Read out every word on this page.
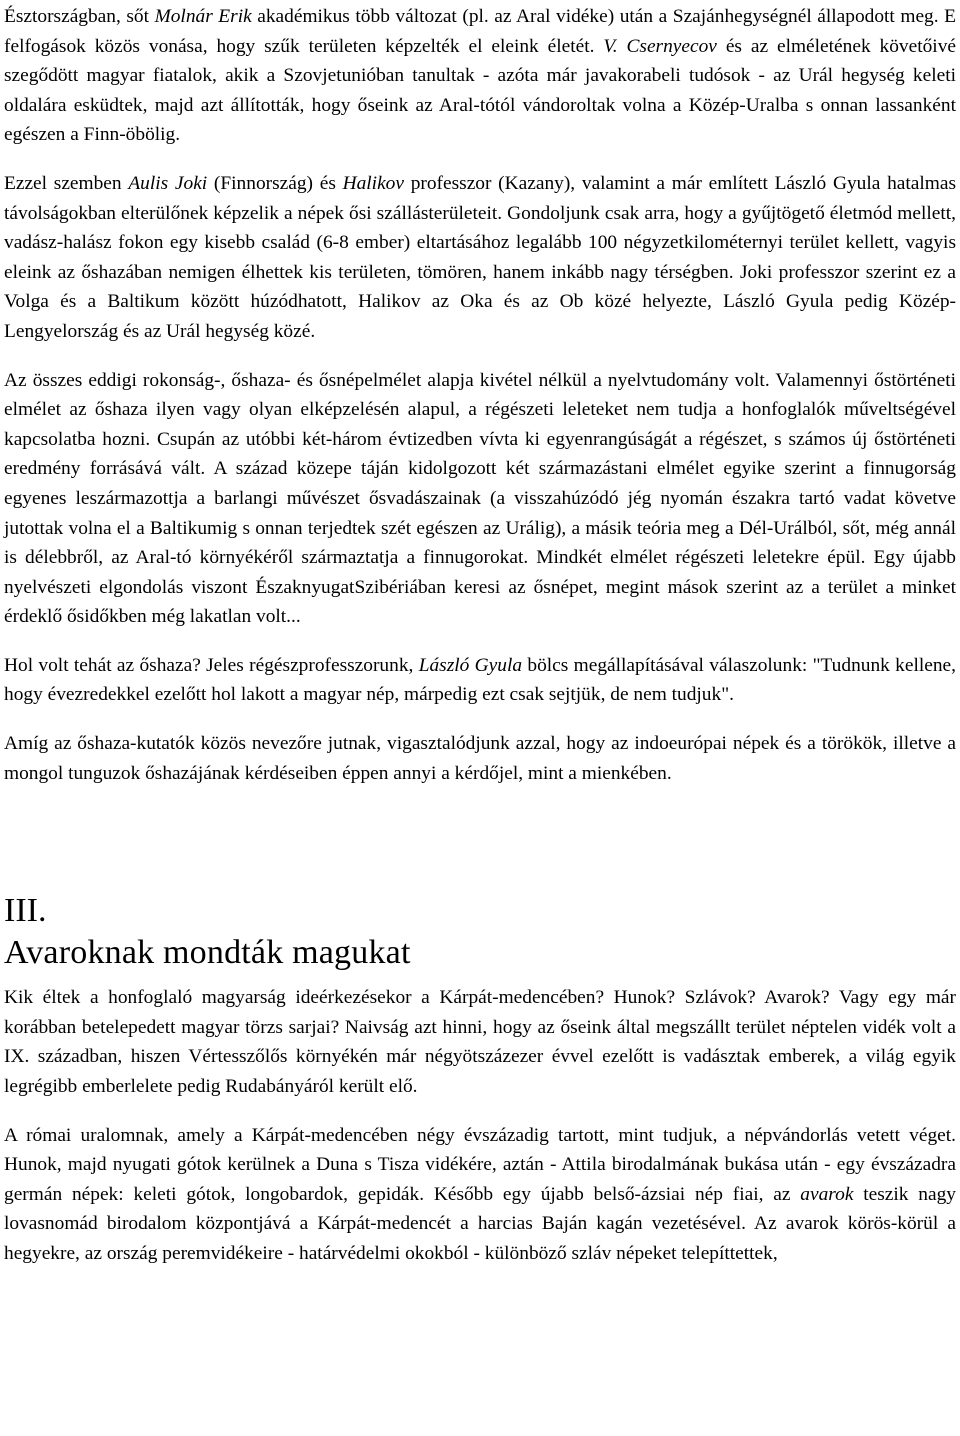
Észtországban, sőt Molnár Erik akadémikus több változat (pl. az Aral vidéke) után a Szajánhegységnél állapodott meg. E felfogások közös vonása, hogy szűk területen képzelték el eleink életét. V. Csernyecov és az elméletének követőivé szegődött magyar fiatalok, akik a Szovjetunióban tanultak - azóta már javakorabeli tudósok - az Urál hegység keleti oldalára esküdtek, majd azt állították, hogy őseink az Aral-tótól vándoroltak volna a Közép-Uralba s onnan lassanként egészen a Finn-öbölig.

Ezzel szemben Aulis Joki (Finnország) és Halikov professzor (Kazany), valamint a már említett László Gyula hatalmas távolságokban elterülőnek képzelik a népek ősi szállásterületeit. Gondoljunk csak arra, hogy a gyűjtögető életmód mellett, vadász-halász fokon egy kisebb család (6-8 ember) eltartásához legalább 100 négyzetkilométernyi terület kellett, vagyis eleink az őshazában nemigen élhettek kis területen, tömören, hanem inkább nagy térségben. Joki professzor szerint ez a Volga és a Baltikum között húzódhatott, Halikov az Oka és az Ob közé helyezte, László Gyula pedig Közép-Lengyelország és az Urál hegység közé.

Az összes eddigi rokonság-, őshaza- és ősnépelmélet alapja kivétel nélkül a nyelvtudomány volt. Valamennyi őstörténeti elmélet az őshaza ilyen vagy olyan elképzelésén alapul, a régészeti leleteket nem tudja a honfoglalók műveltségével kapcsolatba hozni. Csupán az utóbbi két-három évtizedben vívta ki egyenrangúságát a régészet, s számos új őstörténeti eredmény forrásává vált. A század közepe táján kidolgozott két származástani elmélet egyike szerint a finnugorság egyenes leszármazottja a barlangi művészet ősvadászainak (a visszahúzódó jég nyomán északra tartó vadat követve jutottak volna el a Baltikumig s onnan terjedtek szét egészen az Urálig), a másik teória meg a Dél-Urálból, sőt, még annál is délebbről, az Aral-tó környékéről származtatja a finnugorokat. Mindkét elmélet régészeti leletekre épül. Egy újabb nyelvészeti elgondolás viszont ÉszaknyugatSzibériában keresi az ősnépet, megint mások szerint az a terület a minket érdeklő ősidőkben még lakatlan volt...

Hol volt tehát az őshaza? Jeles régészprofesszorunk, László Gyula bölcs megállapításával válaszolunk: "Tudnunk kellene, hogy évezredekkel ezelőtt hol lakott a magyar nép, márpedig ezt csak sejtjük, de nem tudjuk".

Amíg az őshaza-kutatók közös nevezőre jutnak, vigasztalódjunk azzal, hogy az indoeurópai népek és a törökök, illetve a mongol tunguzok őshazájának kérdéseiben éppen annyi a kérdőjel, mint a mienkében.

III.
Avaroknak mondták magukat

Kik éltek a honfoglaló magyarság ideérkezésekor a Kárpát-medencében? Hunok? Szlávok? Avarok? Vagy egy már korábban betelepedett magyar törzs sarjai? Naivság azt hinni, hogy az őseink által megszállt terület néptelen vidék volt a IX. században, hiszen Vértesszőlős környékén már négyötszázezer évvel ezelőtt is vadásztak emberek, a világ egyik legrégibb emberlelete pedig Rudabányáról került elő.

A római uralomnak, amely a Kárpát-medencében négy évszázadig tartott, mint tudjuk, a népvándorlás vetett véget. Hunok, majd nyugati gótok kerülnek a Duna s Tisza vidékére, aztán - Attila birodalmának bukása után - egy évszázadra germán népek: keleti gótok, longobardok, gepidák. Később egy újabb belső-ázsiai nép fiai, az avarok teszik nagy lovasnomád birodalom központjává a Kárpát-medencét a harcias Baján kagán vezetésével. Az avarok körös-körül a hegyekre, az ország peremvidékeire - határvédelmi okokból - különböző szláv népeket telepíttettek,
